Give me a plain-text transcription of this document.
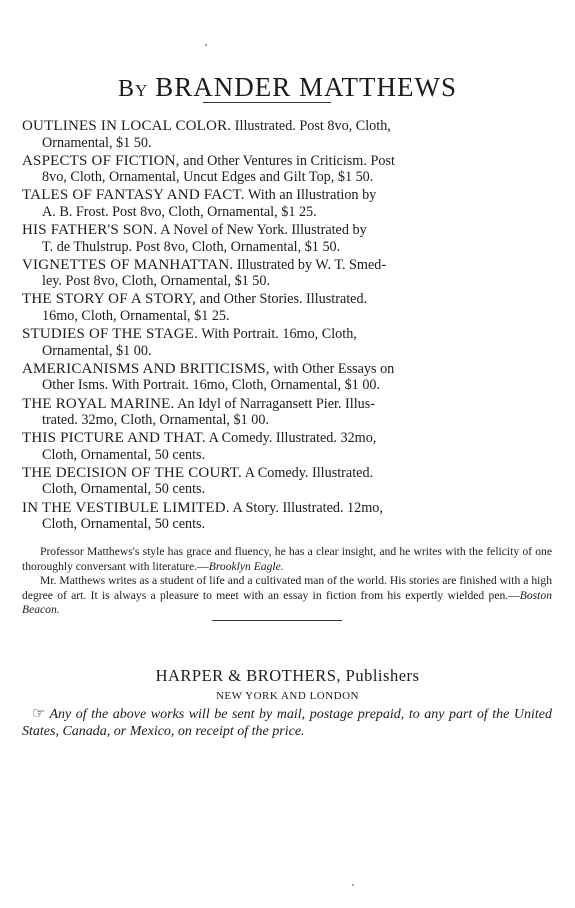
By BRANDER MATTHEWS
OUTLINES IN LOCAL COLOR. Illustrated. Post 8vo, Cloth,
Ornamental, $1 50.
ASPECTS OF FICTION, and Other Ventures in Criticism. Post
8vo, Cloth, Ornamental, Uncut Edges and Gilt Top, $1 50.
TALES OF FANTASY AND FACT. With an Illustration by
A. B. Frost. Post 8vo, Cloth, Ornamental, $1 25.
HIS FATHER'S SON. A Novel of New York. Illustrated by
T. de Thulstrup. Post 8vo, Cloth, Ornamental, $1 50.
VIGNETTES OF MANHATTAN. Illustrated by W. T. Smed-
ley. Post 8vo, Cloth, Ornamental, $1 50.
THE STORY OF A STORY, and Other Stories. Illustrated.
16mo, Cloth, Ornamental, $1 25.
STUDIES OF THE STAGE. With Portrait. 16mo, Cloth,
Ornamental, $1 00.
AMERICANISMS AND BRITICISMS, with Other Essays on
Other Isms. With Portrait. 16mo, Cloth, Ornamental, $1 00.
THE ROYAL MARINE. An Idyl of Narragansett Pier. Illus-
trated. 32mo, Cloth, Ornamental, $1 00.
THIS PICTURE AND THAT. A Comedy. Illustrated. 32mo,
Cloth, Ornamental, 50 cents.
THE DECISION OF THE COURT. A Comedy. Illustrated.
Cloth, Ornamental, 50 cents.
IN THE VESTIBULE LIMITED. A Story. Illustrated. 12mo,
Cloth, Ornamental, 50 cents.

Professor Matthews's style has grace and fluency, he has a clear insight, and he writes with the felicity of one thoroughly conversant with literature.—Brooklyn Eagle.

Mr. Matthews writes as a student of life and a cultivated man of the world. His stories are finished with a high degree of art. It is always a pleasure to meet with an essay in fiction from his expertly wielded pen.—Boston Beacon.

HARPER & BROTHERS, Publishers
NEW YORK AND LONDON
☞ Any of the above works will be sent by mail, postage prepaid, to any part of the United States, Canada, or Mexico, on receipt of the price.
